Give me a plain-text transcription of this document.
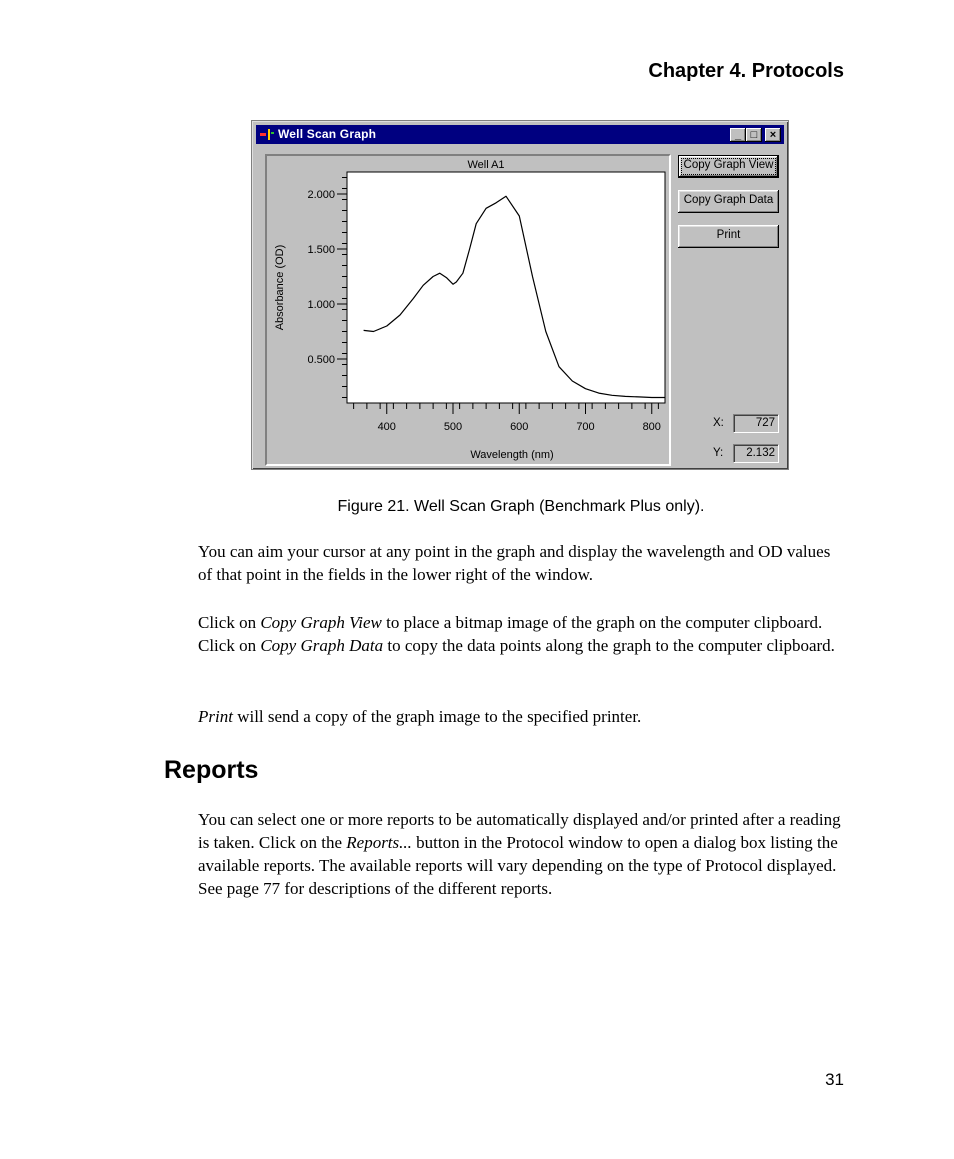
Chapter 4. Protocols
Well Scan Graph	_ □	×
Well A1
2.000
1.500
1.000
0.500
400	500	600	700	800
Wavelength (nm)
Absorbance (OD)
Copy Graph View
Copy Graph Data
Print
X:	727
Y:	2.132
Figure 21. Well Scan Graph (Benchmark Plus only).

You can aim your cursor at any point in the graph and display the wavelength and OD values of that point in the fields in the lower right of the window.

Click on Copy Graph View to place a bitmap image of the graph on the computer clipboard. Click on Copy Graph Data to copy the data points along the graph to the computer clipboard.

Print will send a copy of the graph image to the specified printer.

Reports

You can select one or more reports to be automatically displayed and/or printed after a reading is taken. Click on the Reports... button in the Protocol window to open a dialog box listing the available reports. The available reports will vary depending on the type of Protocol displayed. See page 77 for descriptions of the different reports.

31
